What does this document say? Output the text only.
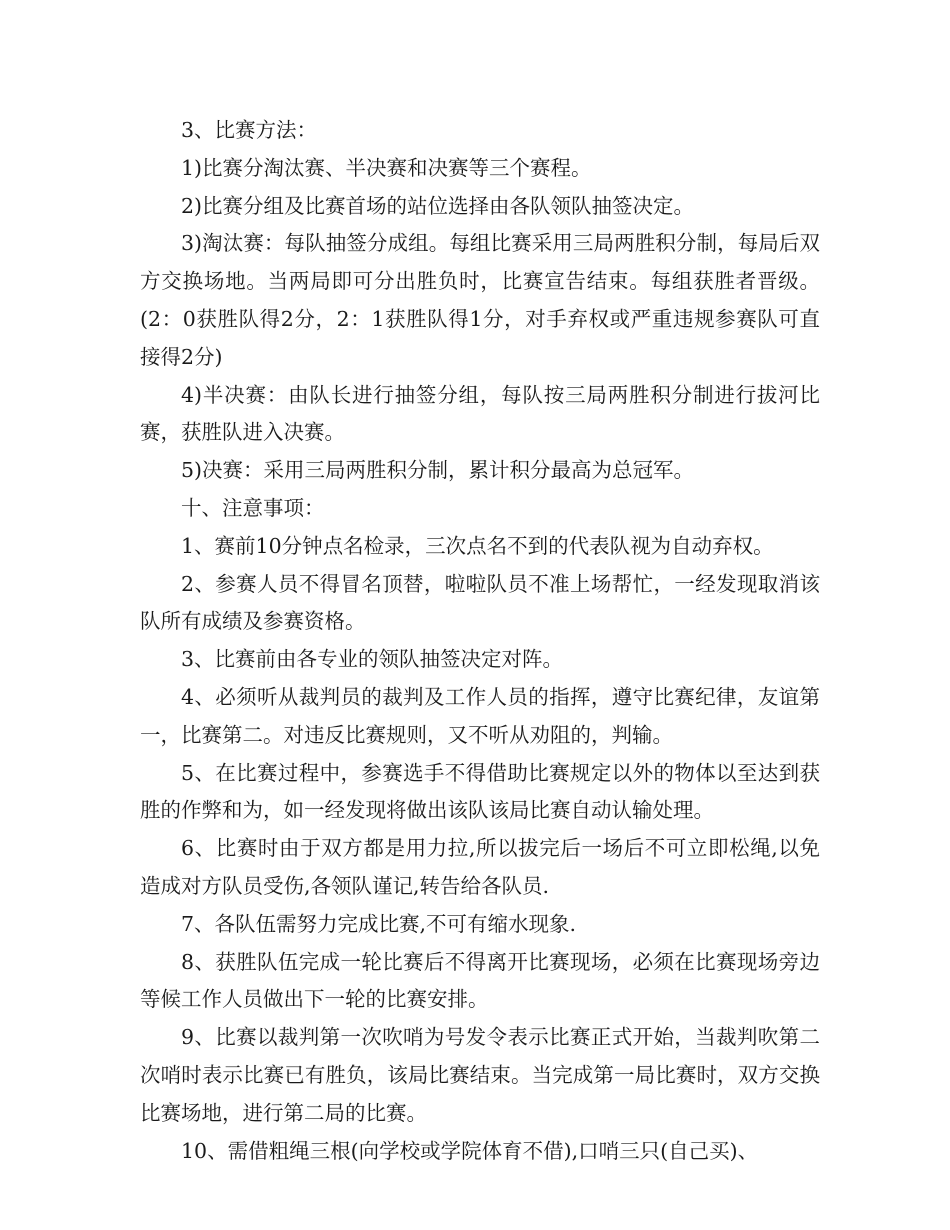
3、比赛方法：

1)比赛分淘汰赛、半决赛和决赛等三个赛程。

2)比赛分组及比赛首场的站位选择由各队领队抽签决定。

3)淘汰赛：每队抽签分成组。每组比赛采用三局两胜积分制，每局后双方交换场地。当两局即可分出胜负时，比赛宣告结束。每组获胜者晋级。(2：0获胜队得2分，2：1获胜队得1分，对手弃权或严重违规参赛队可直接得2分)

4)半决赛：由队长进行抽签分组，每队按三局两胜积分制进行拔河比赛，获胜队进入决赛。

5)决赛：采用三局两胜积分制，累计积分最高为总冠军。

十、注意事项：

1、赛前10分钟点名检录，三次点名不到的代表队视为自动弃权。

2、参赛人员不得冒名顶替，啦啦队员不准上场帮忙，一经发现取消该队所有成绩及参赛资格。

3、比赛前由各专业的领队抽签决定对阵。

4、必须听从裁判员的裁判及工作人员的指挥，遵守比赛纪律，友谊第一，比赛第二。对违反比赛规则，又不听从劝阻的，判输。

5、在比赛过程中，参赛选手不得借助比赛规定以外的物体以至达到获胜的作弊和为，如一经发现将做出该队该局比赛自动认输处理。

6、比赛时由于双方都是用力拉,所以拔完后一场后不可立即松绳,以免造成对方队员受伤,各领队谨记,转告给各队员.

7、各队伍需努力完成比赛,不可有缩水现象.

8、获胜队伍完成一轮比赛后不得离开比赛现场，必须在比赛现场旁边等候工作人员做出下一轮的比赛安排。

9、比赛以裁判第一次吹哨为号发令表示比赛正式开始，当裁判吹第二次哨时表示比赛已有胜负，该局比赛结束。当完成第一局比赛时，双方交换比赛场地，进行第二局的比赛。

10、需借粗绳三根(向学校或学院体育不借),口哨三只(自己买)、
